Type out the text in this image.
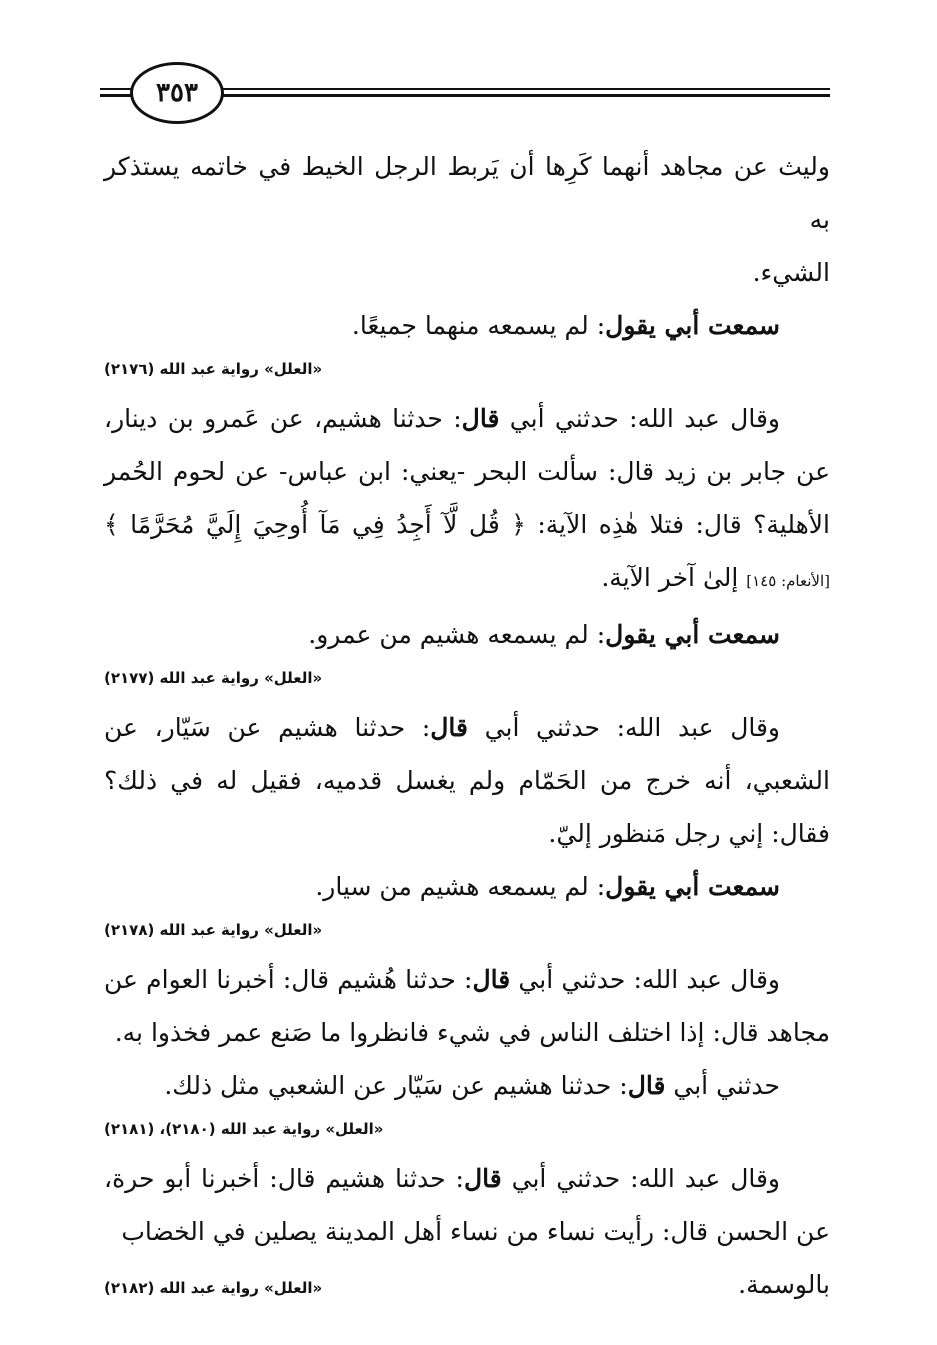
٣٥٣

وليث عن مجاهد أنهما كَرِها أن يَربط الرجل الخيط في خاتمه يستذكر به
الشيء.

سمعت أبي يقول: لم يسمعه منهما جميعًا.

«العلل» رواية عبد الله (٢١٧٦)

وقال عبد الله: حدثني أبي قال: حدثنا هشيم، عن عَمرو بن دينار، عن جابر بن زيد قال: سألت البحر -يعني: ابن عباس- عن لحوم الحُمر الأهلية؟ قال: فتلا هٰذِه الآية: ﴿ قُل لَّآ أَجِدُ فِي مَآ أُوحِيَ إِلَيَّ مُحَرَّمًا ﴾ [الأنعام: ١٤٥] إلىٰ آخر الآية.

سمعت أبي يقول: لم يسمعه هشيم من عمرو.

«العلل» رواية عبد الله (٢١٧٧)

وقال عبد الله: حدثني أبي قال: حدثنا هشيم عن سَيّار، عن الشعبي، أنه خرج من الحَمّام ولم يغسل قدميه، فقيل له في ذلك؟ فقال: إني رجل مَنظور إليّ.

سمعت أبي يقول: لم يسمعه هشيم من سيار.

«العلل» رواية عبد الله (٢١٧٨)

وقال عبد الله: حدثني أبي قال: حدثنا هُشيم قال: أخبرنا العوام عن مجاهد قال: إذا اختلف الناس في شيء فانظروا ما صَنع عمر فخذوا به.

حدثني أبي قال: حدثنا هشيم عن سَيّار عن الشعبي مثل ذلك.

«العلل» رواية عبد الله (٢١٨٠)، (٢١٨١)

وقال عبد الله: حدثني أبي قال: حدثنا هشيم قال: أخبرنا أبو حرة، عن الحسن قال: رأيت نساء من نساء أهل المدينة يصلين في الخضاب

بالوسمة.
«العلل» رواية عبد الله (٢١٨٢)
